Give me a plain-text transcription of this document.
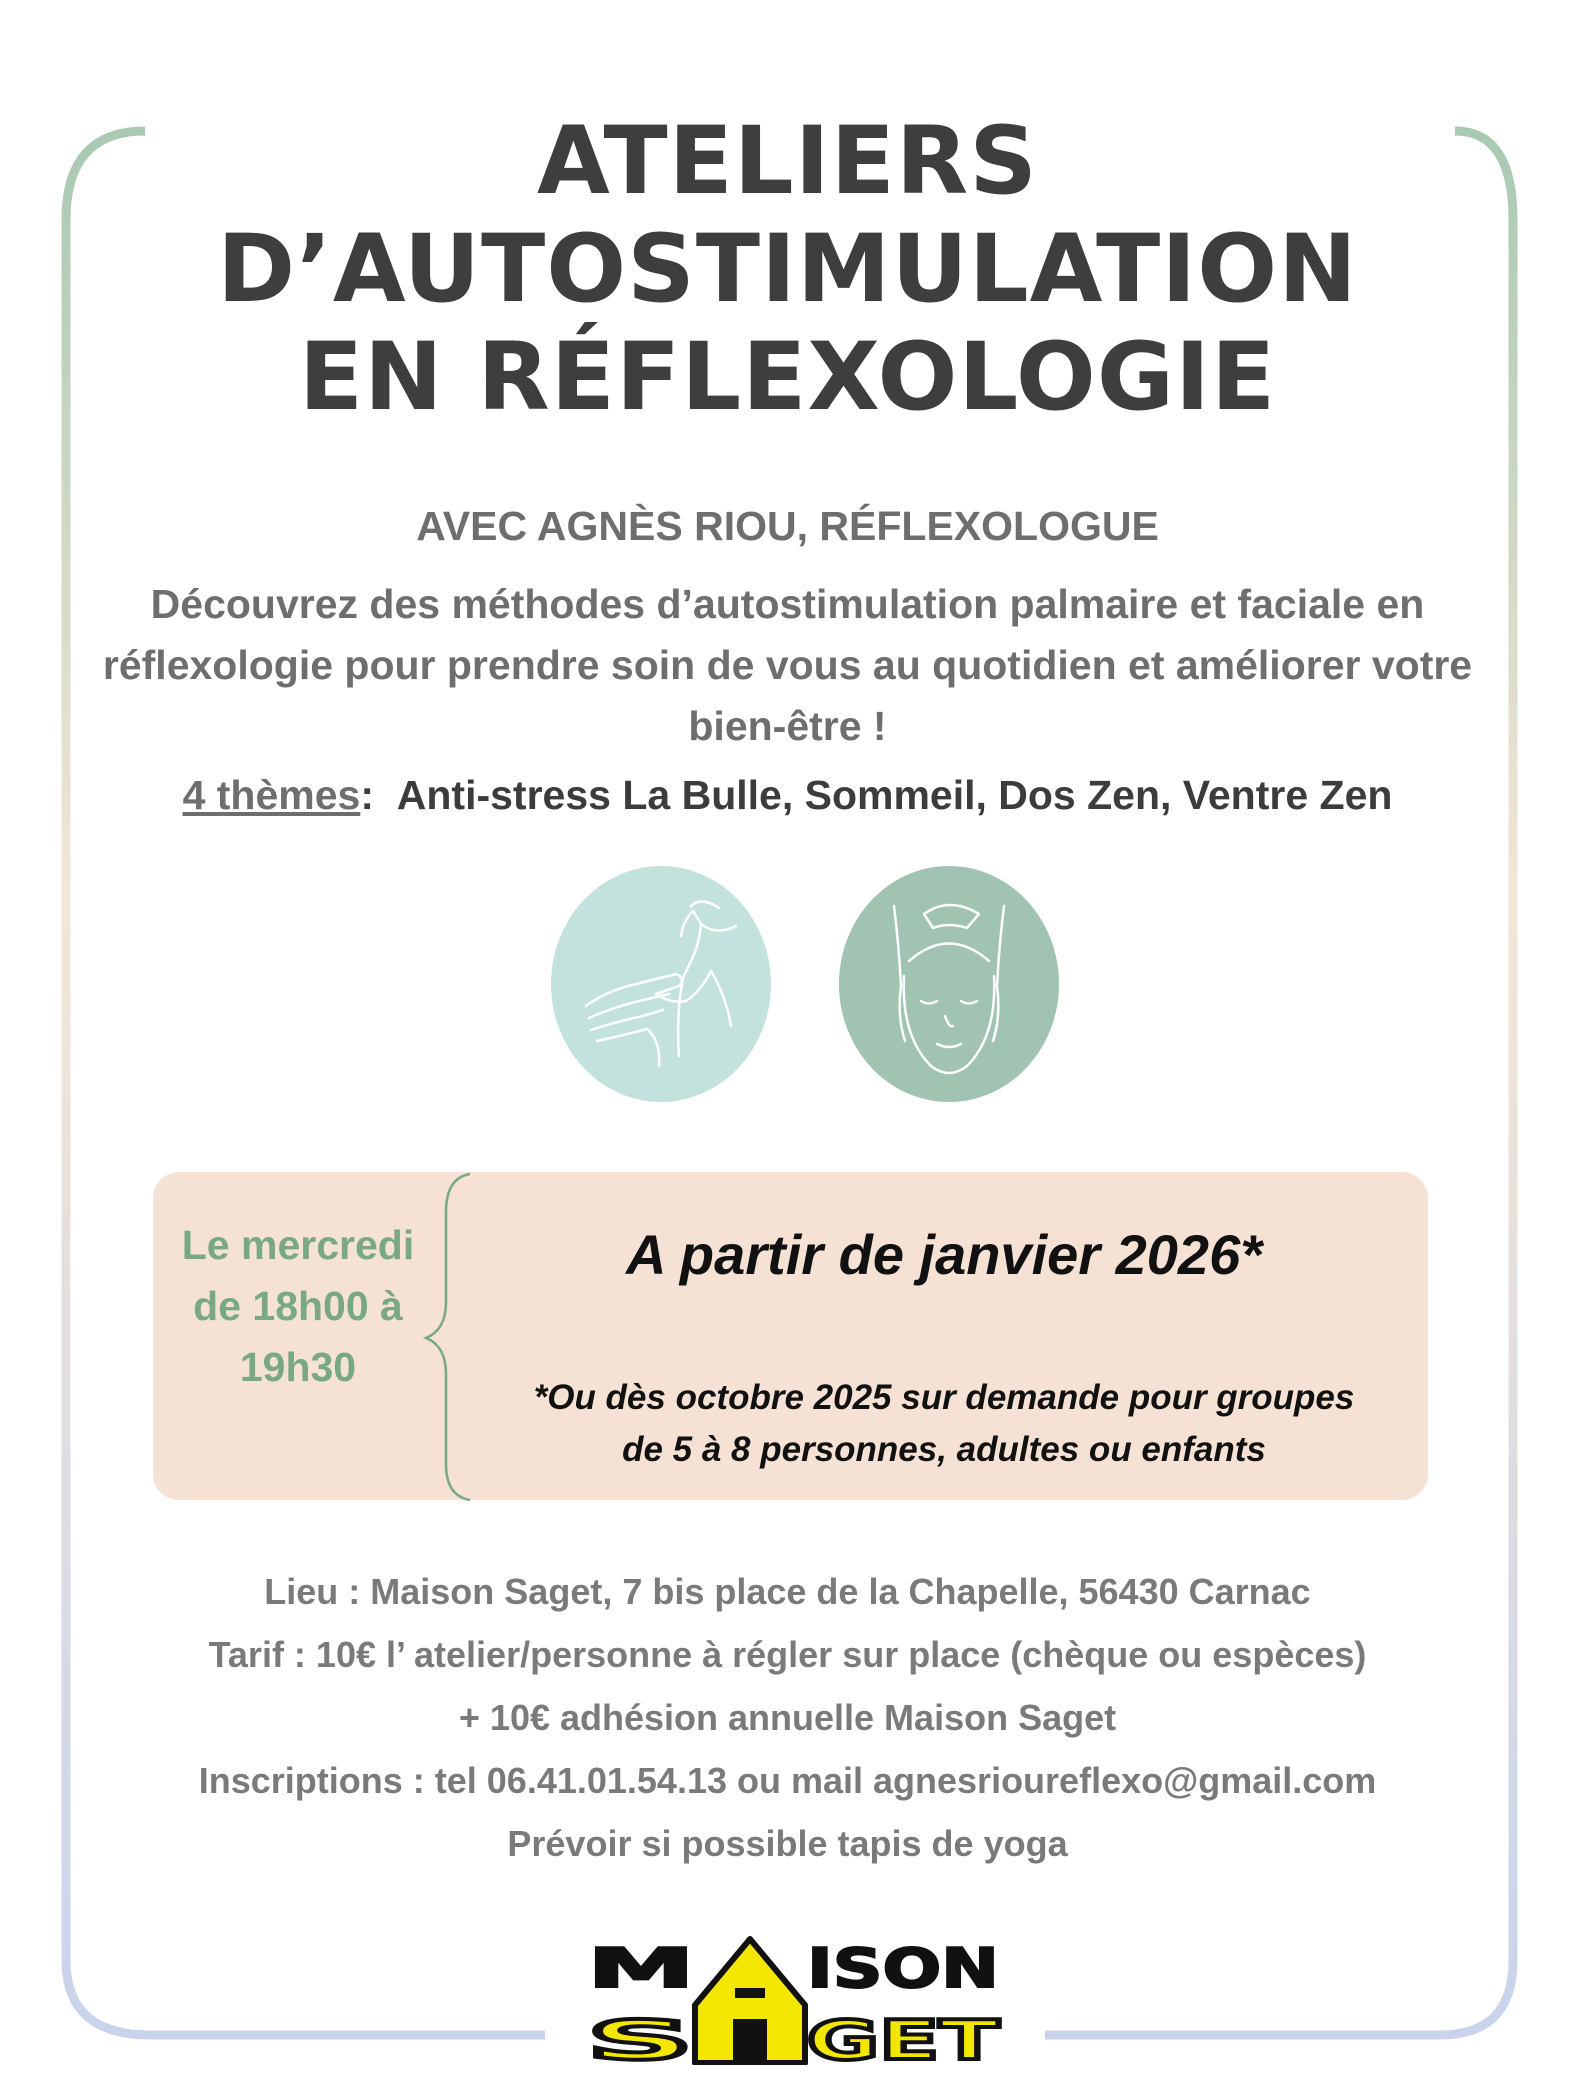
ATELIERS
D’AUTOSTIMULATION
EN RÉFLEXOLOGIE
AVEC AGNÈS RIOU, RÉFLEXOLOGUE
Découvrez des méthodes d’autostimulation palmaire et faciale en réflexologie pour prendre soin de vous au quotidien et améliorer votre bien-être !
4 thèmes: Anti-stress La Bulle, Sommeil, Dos Zen, Ventre Zen
Le mercredi
de 18h00 à
19h30
A partir de janvier 2026*
*Ou dès octobre 2025 sur demande pour groupes
de 5 à 8 personnes, adultes ou enfants
Lieu : Maison Saget, 7 bis place de la Chapelle, 56430 Carnac
Tarif : 10€ l’ atelier/personne à régler sur place (chèque ou espèces)
+ 10€ adhésion annuelle Maison Saget
Inscriptions : tel 06.41.01.54.13 ou mail agnesrioureflexo@gmail.com
Prévoir si possible tapis de yoga
M ISON
S GET
